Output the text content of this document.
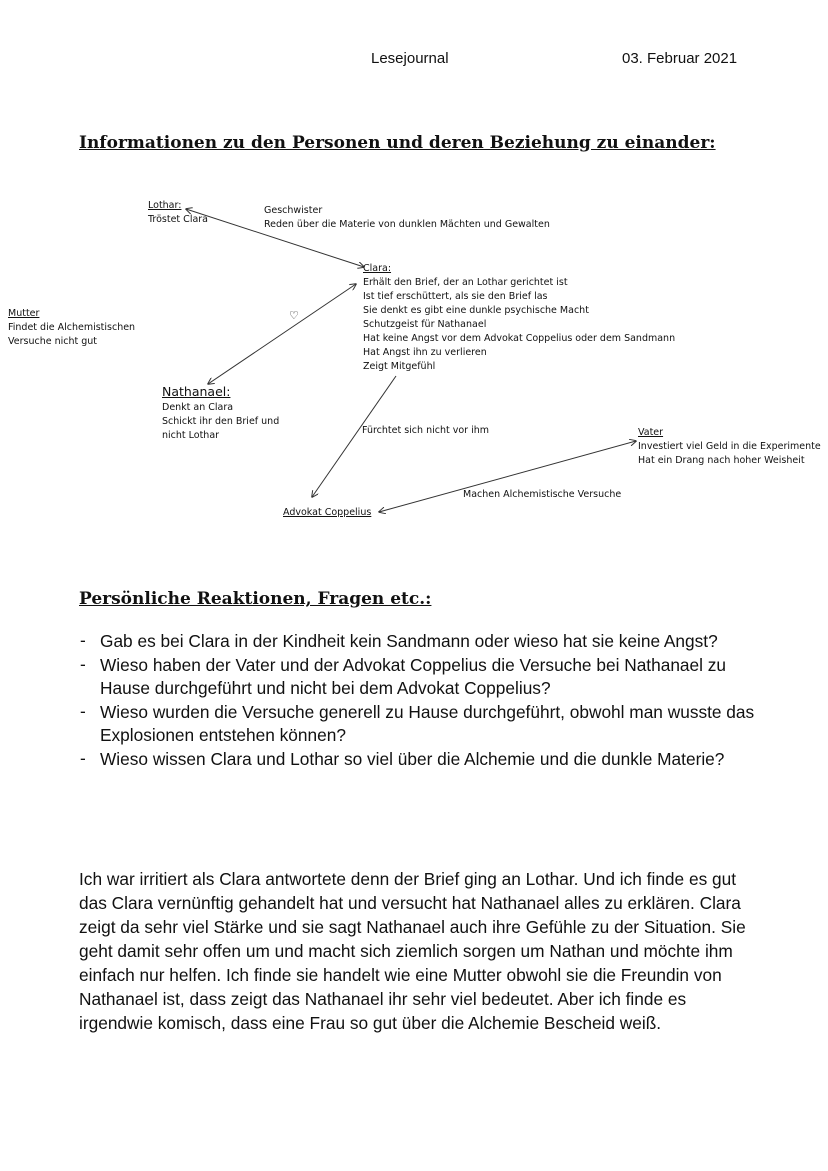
Lesejournal	03. Februar 2021
Informationen zu den Personen und deren Beziehung zu einander:
Lothar:
Tröstet Clara
Geschwister
Reden über die Materie von dunklen Mächten und Gewalten
Clara:
Erhält den Brief, der an Lothar gerichtet ist
Ist tief erschüttert, als sie den Brief las
Sie denkt es gibt eine dunkle psychische Macht
Schutzgeist für Nathanael
Hat keine Angst vor dem Advokat Coppelius oder dem Sandmann
Hat Angst ihn zu verlieren
Zeigt Mitgefühl
Mutter
Findet die Alchemistischen
Versuche nicht gut
♡
Nathanael:
Denkt an Clara
Schickt ihr den Brief und
nicht Lothar	Fürchtet sich nicht vor ihm	Vater
Investiert viel Geld in die Experimente
Hat ein Drang nach hoher Weisheit
Machen Alchemistische Versuche
Advokat Coppelius
Persönliche Reaktionen, Fragen etc.:
- Gab es bei Clara in der Kindheit kein Sandmann oder wieso hat sie keine Angst?
- Wieso haben der Vater und der Advokat Coppelius die Versuche bei Nathanael zu Hause durchgeführt und nicht bei dem Advokat Coppelius?
- Wieso wurden die Versuche generell zu Hause durchgeführt, obwohl man wusste das Explosionen entstehen können?
- Wieso wissen Clara und Lothar so viel über die Alchemie und die dunkle Materie?

Ich war irritiert als Clara antwortete denn der Brief ging an Lothar. Und ich finde es gut das Clara vernünftig gehandelt hat und versucht hat Nathanael alles zu erklären. Clara zeigt da sehr viel Stärke und sie sagt Nathanael auch ihre Gefühle zu der Situation. Sie geht damit sehr offen um und macht sich ziemlich sorgen um Nathan und möchte ihm einfach nur helfen. Ich finde sie handelt wie eine Mutter obwohl sie die Freundin von Nathanael ist, dass zeigt das Nathanael ihr sehr viel bedeutet. Aber ich finde es irgendwie komisch, dass eine Frau so gut über die Alchemie Bescheid weiß.
